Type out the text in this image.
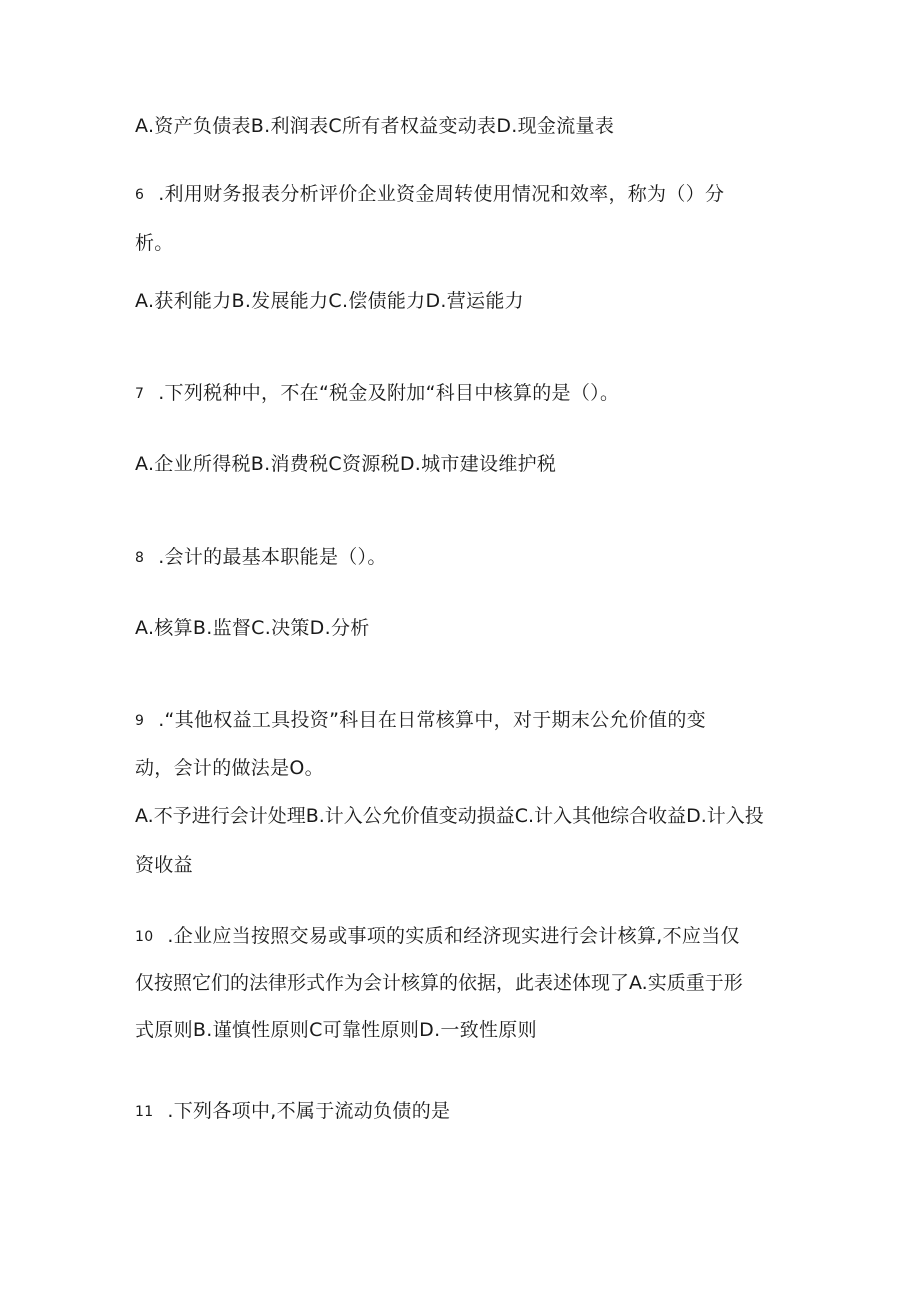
A.资产负债表B.利润表C所有者权益变动表D.现金流量表
6 .利用财务报表分析评价企业资金周转使用情况和效率，称为（）分
析。
A.获利能力B.发展能力C.偿债能力D.营运能力
7 .下列税种中，不在“税金及附加“科目中核算的是（）。
A.企业所得税B.消费税C资源税D.城市建设维护税
8 .会计的最基本职能是（）。
A.核算B.监督C.决策D.分析
9 .“其他权益工具投资”科目在日常核算中，对于期末公允价值的变
动，会计的做法是O。
A.不予进行会计处理B.计入公允价值变动损益C.计入其他综合收益D.计入投
资收益
10 .企业应当按照交易或事项的实质和经济现实进行会计核算,不应当仅
仅按照它们的法律形式作为会计核算的依据，此表述体现了A.实质重于形
式原则B.谨慎性原则C可靠性原则D.一致性原则
11 .下列各项中,不属于流动负债的是
